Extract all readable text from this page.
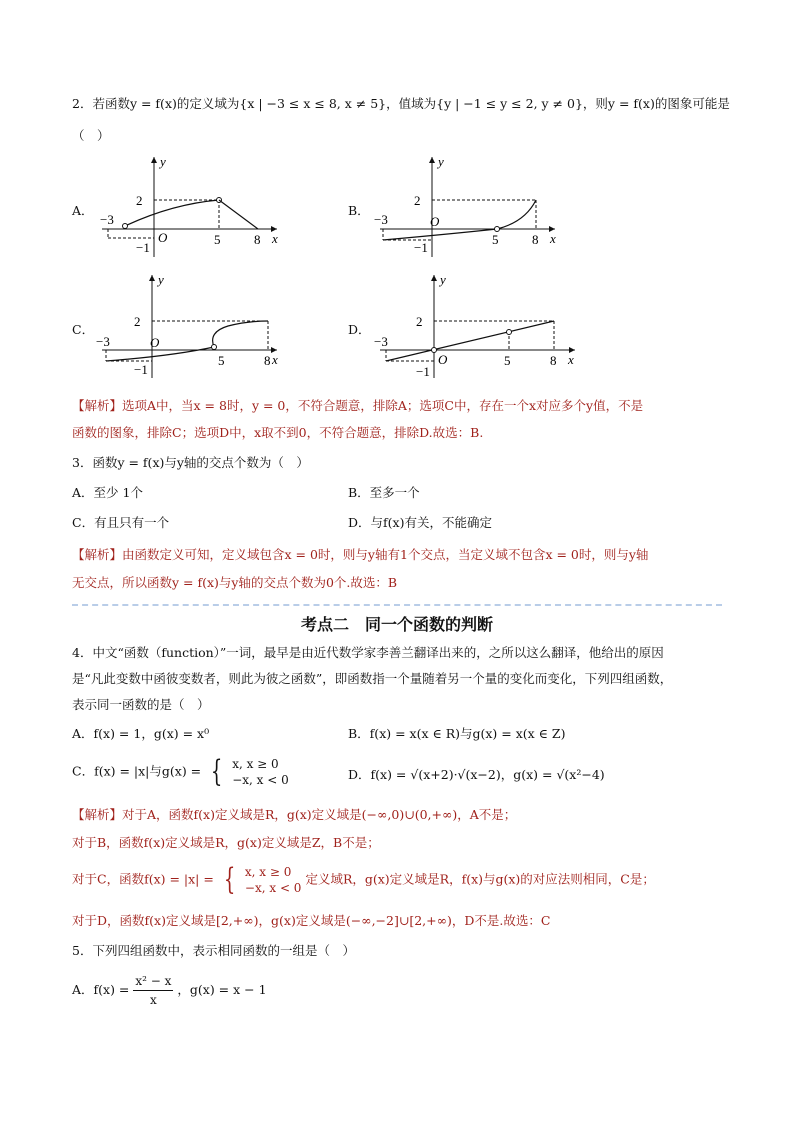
2．若函数y = f(x)的定义域为{x | −3 ≤ x ≤ 8, x ≠ 5}，值域为{y | −1 ≤ y ≤ 2, y ≠ 0}，则y = f(x)的图象可能是
（　）
A．
y
x
2
−3
O
−1
5	8
B．
y
x
2
−3	O
−1
5	8
C．
y
x
2
−3	O
−1
5	8
D．
y
x
2
−3
O
−1
5	8
【解析】选项A中，当x = 8时，y = 0，不符合题意，排除A；选项C中，存在一个x对应多个y值，不是
函数的图象，排除C；选项D中，x取不到0，不符合题意，排除D.故选：B.
3．函数y = f(x)与y轴的交点个数为（　）
A．至少 1个	B．至多一个
C．有且只有一个	D．与f(x)有关，不能确定
【解析】由函数定义可知，定义域包含x = 0时，则与y轴有1个交点，当定义域不包含x = 0时，则与y轴
无交点，所以函数y = f(x)与y轴的交点个数为0个.故选：B
考点二　同一个函数的判断
4．中文“函数（function）”一词，最早是由近代数学家李善兰翻译出来的，之所以这么翻译，他给出的原因
是“凡此变数中函彼变数者，则此为彼之函数”，即函数指一个量随着另一个量的变化而变化，下列四组函数，
表示同一函数的是（　）
A．f(x) = 1，g(x) = x⁰	B．f(x) = x(x ∈ R)与g(x) = x(x ∈ Z)
C．f(x) = |x|与g(x) = { x, x ≥ 0
−x, x < 0	D．f(x) = √(x+2)·√(x−2)，g(x) = √(x²−4)
【解析】对于A，函数f(x)定义域是R，g(x)定义域是(−∞,0)∪(0,+∞)，A不是；
对于B，函数f(x)定义域是R，g(x)定义域是Z，B不是；
对于C，函数f(x) = |x| = { x, x ≥ 0
−x, x < 0 定义域R，g(x)定义域是R，f(x)与g(x)的对应法则相同，C是；
对于D，函数f(x)定义域是[2,+∞)，g(x)定义域是(−∞,−2]∪[2,+∞)，D不是.故选：C
5．下列四组函数中，表示相同函数的一组是（　）
A．$f(x) = \frac{\text{x² − x}}{x}$ ，g(x) = x − 1
